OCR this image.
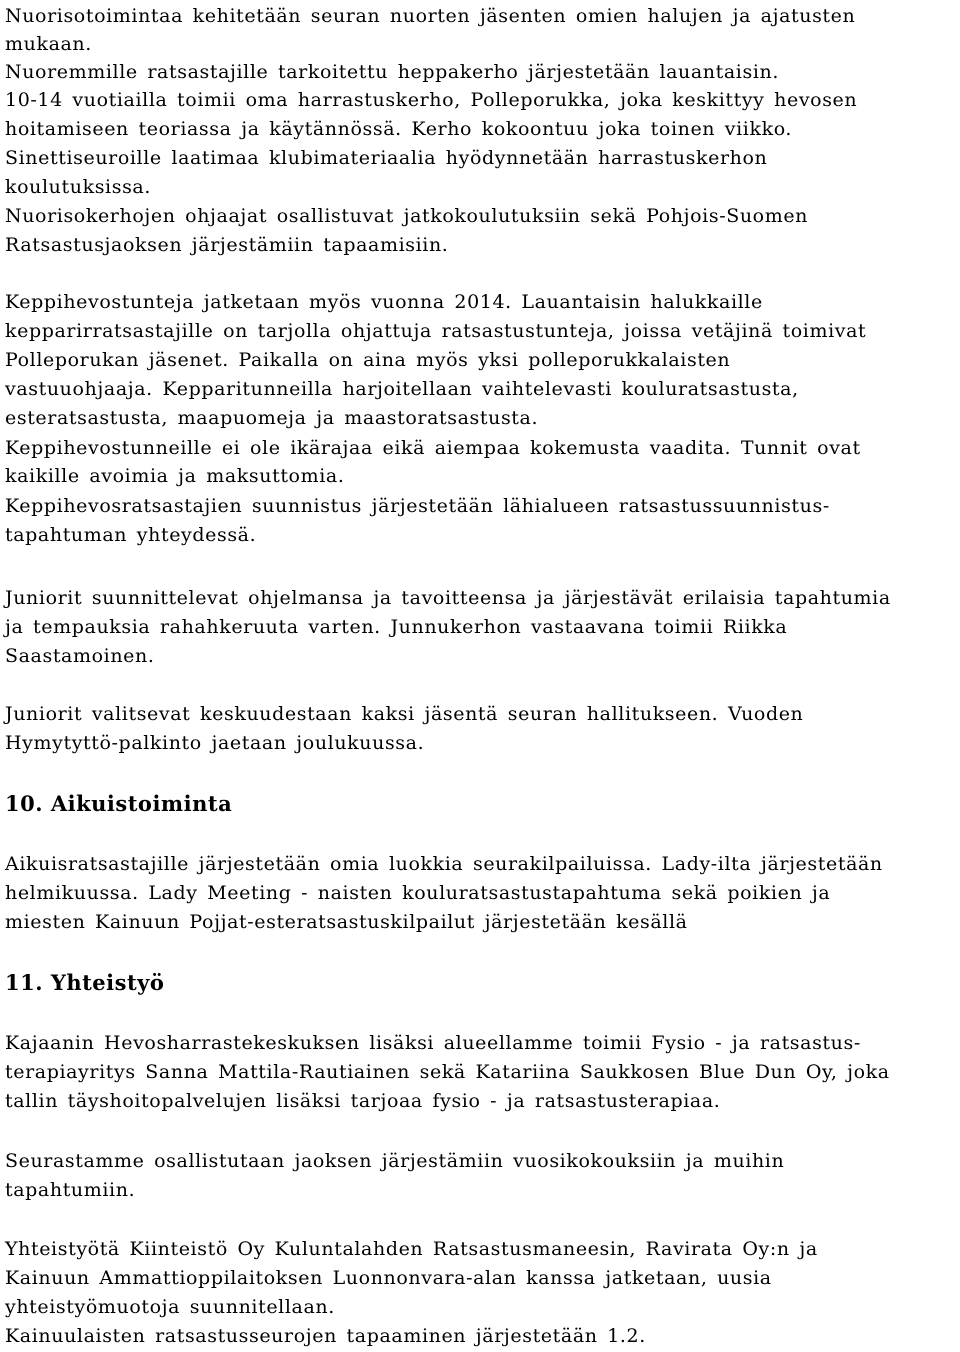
Nuorisotoimintaa kehitetään seuran nuorten jäsenten omien halujen ja ajatusten
mukaan.
Nuoremmille ratsastajille tarkoitettu heppakerho järjestetään lauantaisin.
10-14 vuotiailla toimii oma harrastuskerho, Polleporukka, joka keskittyy hevosen
hoitamiseen teoriassa ja käytännössä. Kerho kokoontuu joka toinen viikko.
Sinettiseuroille laatimaa klubimateriaalia hyödynnetään harrastuskerhon
koulutuksissa.
Nuorisokerhojen ohjaajat osallistuvat jatkokoulutuksiin sekä Pohjois-Suomen
Ratsastusjaoksen järjestämiin tapaamisiin.
Keppihevostunteja jatketaan myös vuonna 2014. Lauantaisin halukkaille
kepparirratsastajille on tarjolla ohjattuja ratsastustunteja, joissa vetäjinä toimivat
Polleporukan jäsenet. Paikalla on aina myös yksi polleporukkalaisten
vastuuohjaaja. Kepparitunneilla harjoitellaan vaihtelevasti kouluratsastusta,
esteratsastusta, maapuomeja ja maastoratsastusta.
Keppihevostunneille ei ole ikärajaa eikä aiempaa kokemusta vaadita. Tunnit ovat
kaikille avoimia ja maksuttomia.
Keppihevosratsastajien suunnistus järjestetään lähialueen ratsastussuunnistus-
tapahtuman yhteydessä.
Juniorit suunnittelevat ohjelmansa ja tavoitteensa ja järjestävät erilaisia tapahtumia
ja tempauksia rahahkeruuta varten. Junnukerhon vastaavana toimii Riikka
Saastamoinen.
Juniorit valitsevat keskuudestaan kaksi jäsentä seuran hallitukseen. Vuoden
Hymytyttö-palkinto jaetaan joulukuussa.
10. Aikuistoiminta
Aikuisratsastajille järjestetään omia luokkia seurakilpailuissa. Lady-ilta järjestetään
helmikuussa. Lady Meeting - naisten kouluratsastustapahtuma sekä poikien ja
miesten Kainuun Pojjat-esteratsastuskilpailut järjestetään kesällä
11. Yhteistyö
Kajaanin Hevosharrastekeskuksen lisäksi alueellamme toimii Fysio - ja ratsastus-
terapiayritys Sanna Mattila-Rautiainen sekä Katariina Saukkosen Blue Dun Oy, joka
tallin täyshoitopalvelujen lisäksi tarjoaa fysio - ja ratsastusterapiaa.
Seurastamme osallistutaan jaoksen järjestämiin vuosikokouksiin ja muihin
tapahtumiin.
Yhteistyötä Kiinteistö Oy Kuluntalahden Ratsastusmaneesin, Ravirata Oy:n ja
Kainuun Ammattioppilaitoksen Luonnonvara-alan kanssa jatketaan, uusia
yhteistyömuotoja suunnitellaan.
Kainuulaisten ratsastusseurojen tapaaminen järjestetään 1.2.
